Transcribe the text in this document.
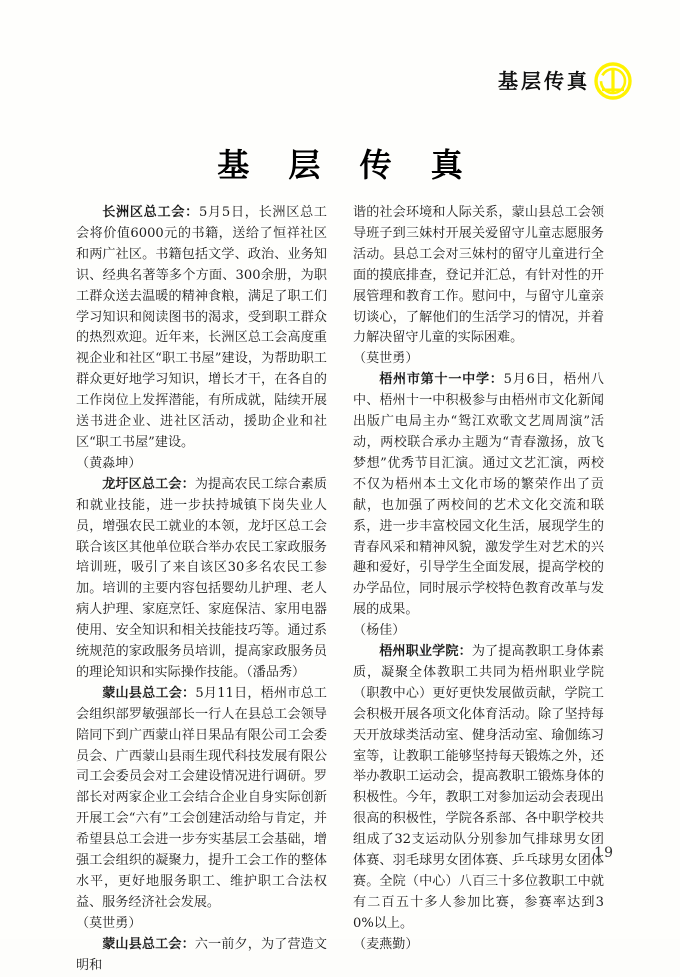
基层传真
基 层 传 真

长洲区总工会：5月5日，长洲区总工会将价值6000元的书籍，送给了恒祥社区和两广社区。书籍包括文学、政治、业务知识、经典名著等多个方面、300余册，为职工群众送去温暖的精神食粮，满足了职工们学习知识和阅读图书的渴求，受到职工群众的热烈欢迎。近年来，长洲区总工会高度重视企业和社区“职工书屋”建设，为帮助职工群众更好地学习知识，增长才干，在各自的工作岗位上发挥潜能，有所成就，陆续开展送书进企业、进社区活动，援助企业和社区“职工书屋”建设。

（黄淼坤）

龙圩区总工会：为提高农民工综合素质和就业技能，进一步扶持城镇下岗失业人员，增强农民工就业的本领，龙圩区总工会联合该区其他单位联合举办农民工家政服务培训班，吸引了来自该区30多名农民工参加。培训的主要内容包括婴幼儿护理、老人病人护理、家庭烹饪、家庭保洁、家用电器使用、安全知识和相关技能技巧等。通过系统规范的家政服务员培训，提高家政服务员的理论知识和实际操作技能。（潘品秀）

蒙山县总工会：5月11日，梧州市总工会组织部罗敏强部长一行人在县总工会领导陪同下到广西蒙山祥日果品有限公司工会委员会、广西蒙山县雨生现代科技发展有限公司工会委员会对工会建设情况进行调研。罗部长对两家企业工会结合企业自身实际创新开展工会“六有”工会创建活动给与肯定，并希望县总工会进一步夯实基层工会基础，增强工会组织的凝聚力，提升工会工作的整体水平，更好地服务职工、维护职工合法权益、服务经济社会发展。

（莫世勇）

蒙山县总工会：六一前夕，为了营造文明和

谐的社会环境和人际关系，蒙山县总工会领导班子到三妹村开展关爱留守儿童志愿服务活动。县总工会对三妹村的留守儿童进行全面的摸底排查，登记并汇总，有针对性的开展管理和教育工作。慰问中，与留守儿童亲切谈心，了解他们的生活学习的情况，并着力解决留守儿童的实际困难。

（莫世勇）

梧州市第十一中学：5月6日，梧州八中、梧州十一中积极参与由梧州市文化新闻出版广电局主办“鸳江欢歌文艺周周演”活动，两校联合承办主题为“青春激扬，放飞梦想”优秀节目汇演。通过文艺汇演，两校不仅为梧州本土文化市场的繁荣作出了贡献，也加强了两校间的艺术文化交流和联系，进一步丰富校园文化生活，展现学生的青春风采和精神风貌，激发学生对艺术的兴趣和爱好，引导学生全面发展，提高学校的办学品位，同时展示学校特色教育改革与发展的成果。

（杨佳）

梧州职业学院：为了提高教职工身体素质，凝聚全体教职工共同为梧州职业学院（职教中心）更好更快发展做贡献，学院工会积极开展各项文化体育活动。除了坚持每天开放球类活动室、健身活动室、瑜伽练习室等，让教职工能够坚持每天锻炼之外，还举办教职工运动会，提高教职工锻炼身体的积极性。今年，教职工对参加运动会表现出很高的积极性，学院各系部、各中职学校共组成了32支运动队分别参加气排球男女团体赛、羽毛球男女团体赛、乒乓球男女团体赛。全院（中心）八百三十多位教职工中就有二百五十多人参加比赛，参赛率达到30%以上。

（麦燕勤）

19
